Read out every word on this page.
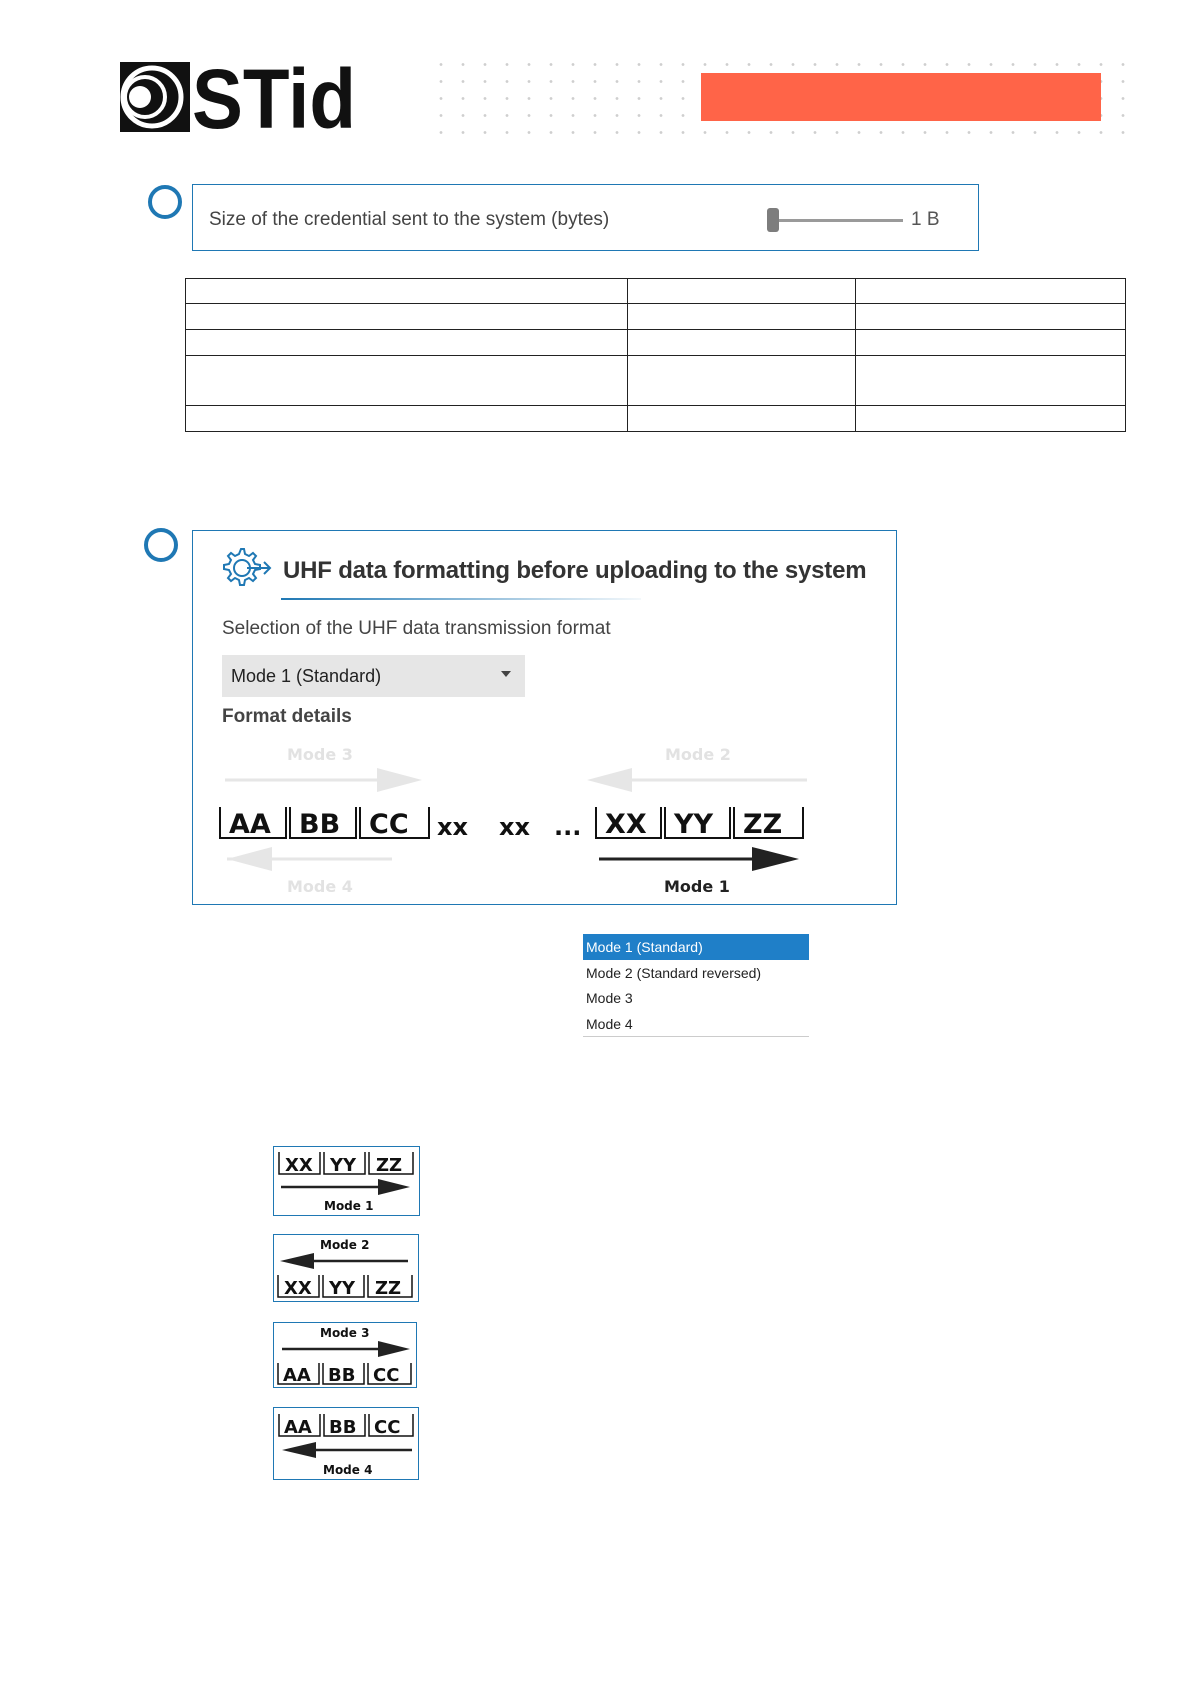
STid
Size of the credential sent to the system (bytes)	1 B

UHF data formatting before uploading to the system
Selection of the UHF data transmission format
Mode 1 (Standard)
Format details
Mode 3	Mode 2
AA BB CC xx xx ... XX YY ZZ
Mode 4	Mode 1
Mode 1 (Standard)
Mode 2 (Standard reversed)
Mode 3
Mode 4
XX YY ZZ
Mode 1
Mode 2
XX YY ZZ
Mode 3
AA BB CC
AA BB CC
Mode 4
